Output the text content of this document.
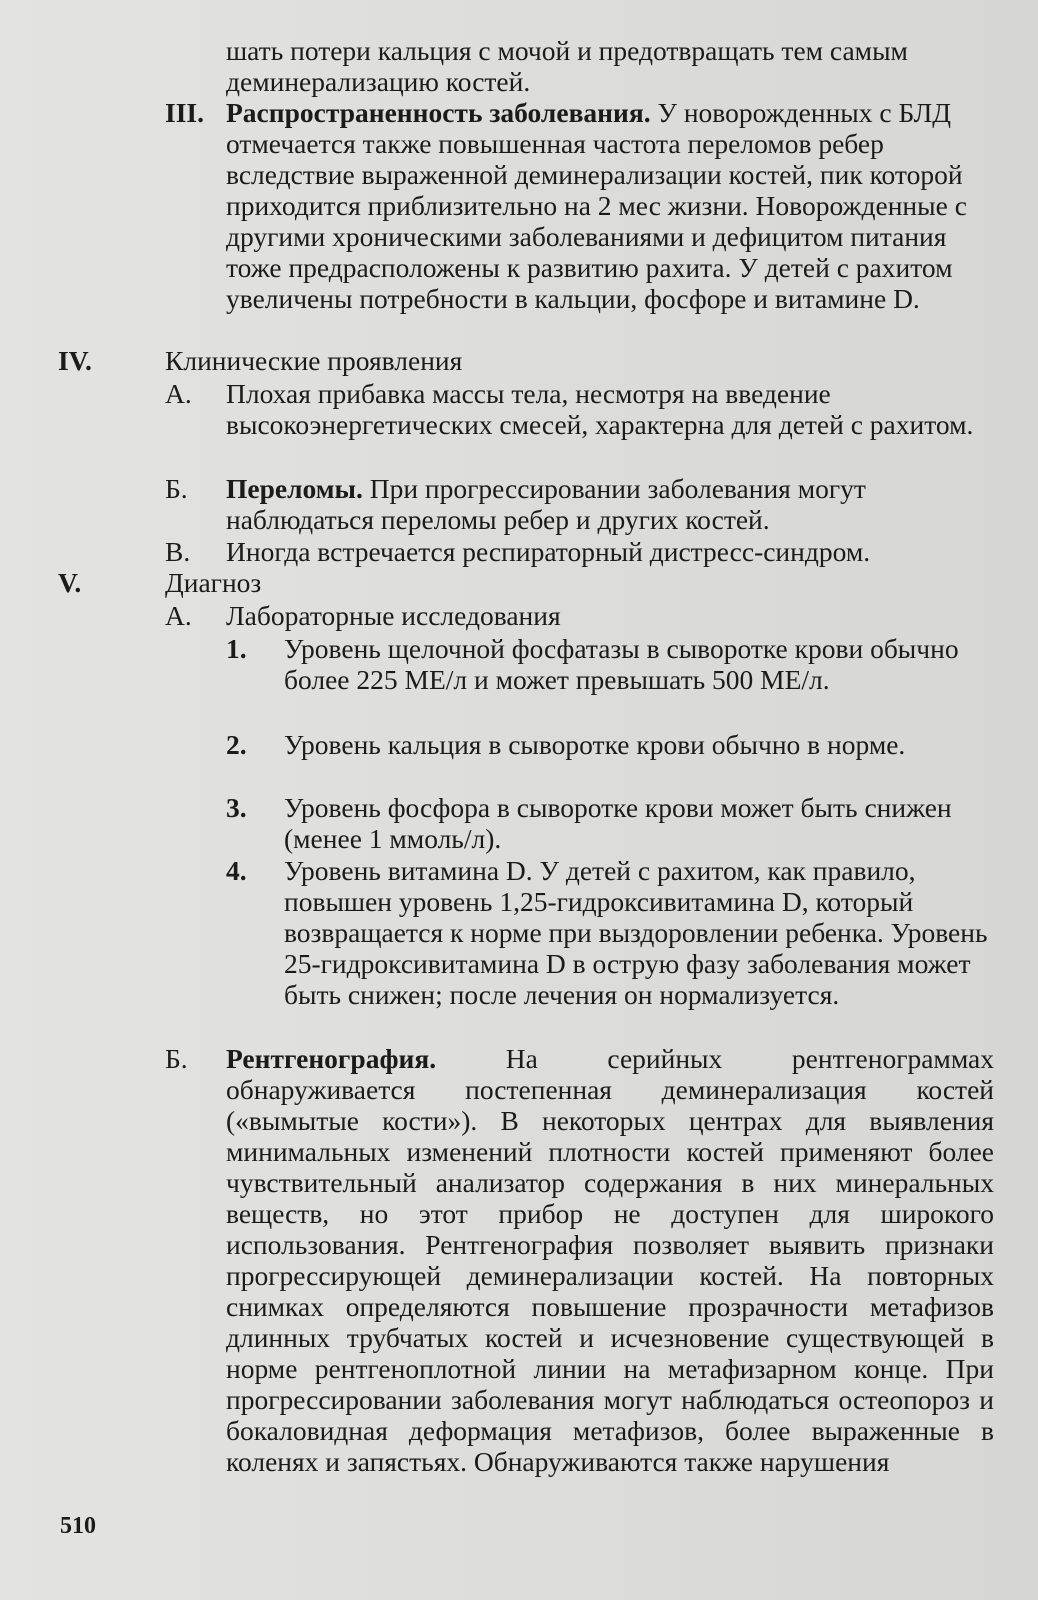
шать потери кальция с мочой и предотвращать тем самым деминерализацию костей.
III. Распространенность заболевания. У новорожденных с БЛД отмечается также повышенная частота переломов ребер вследствие выраженной деминерализации костей, пик которой приходится приблизительно на 2 мес жизни. Новорожденные с другими хроническими заболеваниями и дефицитом питания тоже предрасположены к развитию рахита. У детей с рахитом увеличены потребности в кальции, фосфоре и витамине D.
IV.	Клинические проявления
А. Плохая прибавка массы тела, несмотря на введение высокоэнергетических смесей, характерна для детей с рахитом.
Б. Переломы. При прогрессировании заболевания могут наблюдаться переломы ребер и других костей.
В. Иногда встречается респираторный дистресс-синдром.
V.	Диагноз
А. Лабораторные исследования
1. Уровень щелочной фосфатазы в сыворотке крови обычно более 225 МЕ/л и может превышать 500 МЕ/л.
2. Уровень кальция в сыворотке крови обычно в норме.
3. Уровень фосфора в сыворотке крови может быть снижен (менее 1 ммоль/л).
4. Уровень витамина D. У детей с рахитом, как правило, повышен уровень 1,25-гидроксивитамина D, который возвращается к норме при выздоровлении ребенка. Уровень 25-гидроксивитамина D в острую фазу заболевания может быть снижен; после лечения он нормализуется.
Б. Рентгенография. На серийных рентгенограммах обнаруживается постепенная деминерализация костей («вымытые кости»). В некоторых центрах для выявления минимальных изменений плотности костей применяют более чувствительный анализатор содержания в них минеральных веществ, но этот прибор не доступен для широкого использования. Рентгенография позволяет выявить признаки прогрессирующей деминерализации костей. На повторных снимках определяются повышение прозрачности метафизов длинных трубчатых костей и исчезновение существующей в норме рентгеноплотной линии на метафизарном конце. При прогрессировании заболевания могут наблюдаться остеопороз и бокаловидная деформация метафизов, более выраженные в коленях и запястьях. Обнаруживаются также нарушения
510
